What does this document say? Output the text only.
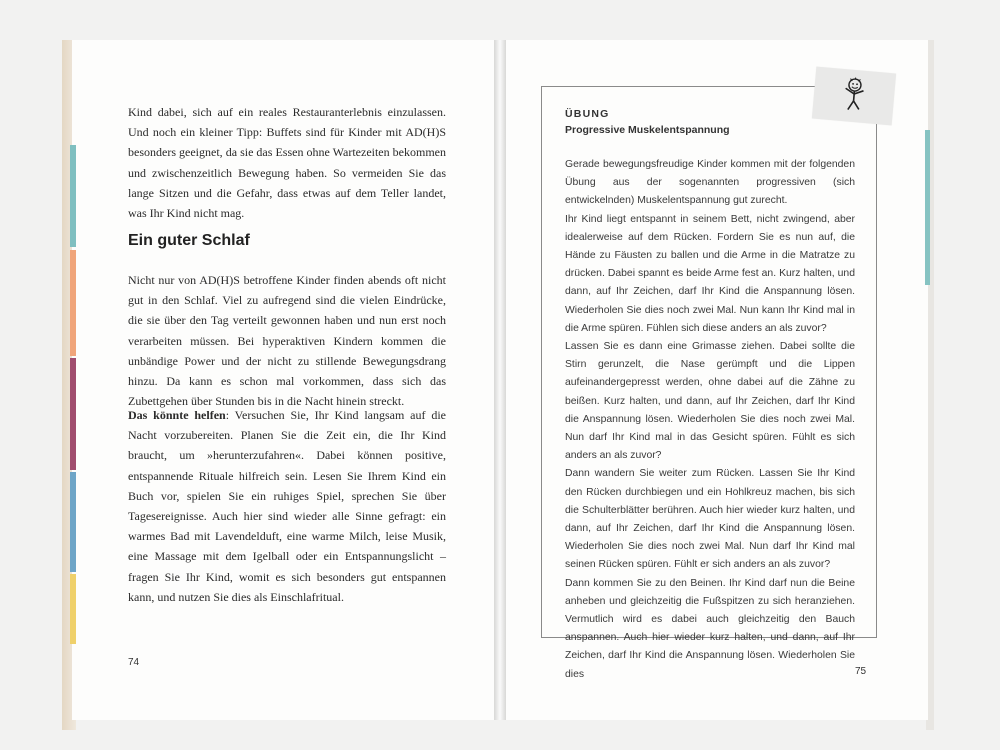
Kind dabei, sich auf ein reales Restauranterlebnis einzulassen. Und noch ein kleiner Tipp: Buffets sind für Kinder mit AD(H)S besonders geeignet, da sie das Essen ohne Wartezeiten bekommen und zwischenzeitlich Bewegung haben. So vermeiden Sie das lange Sitzen und die Gefahr, dass etwas auf dem Teller landet, was Ihr Kind nicht mag.

Ein guter Schlaf

Nicht nur von AD(H)S betroffene Kinder finden abends oft nicht gut in den Schlaf. Viel zu aufregend sind die vielen Eindrücke, die sie über den Tag verteilt gewonnen haben und nun erst noch verarbeiten müssen. Bei hyperaktiven Kindern kommen die unbändige Power und der nicht zu stillende Bewegungsdrang hinzu. Da kann es schon mal vorkommen, dass sich das Zubettgehen über Stunden bis in die Nacht hinein streckt.

Das könnte helfen: Versuchen Sie, Ihr Kind langsam auf die Nacht vorzubereiten. Planen Sie die Zeit ein, die Ihr Kind braucht, um »herunterzufahren«. Dabei können positive, entspannende Rituale hilfreich sein. Lesen Sie Ihrem Kind ein Buch vor, spielen Sie ein ruhiges Spiel, sprechen Sie über Tagesereignisse. Auch hier sind wieder alle Sinne gefragt: ein warmes Bad mit Lavendelduft, eine warme Milch, leise Musik, eine Massage mit dem Igelball oder ein Entspannungslicht – fragen Sie Ihr Kind, womit es sich besonders gut entspannen kann, und nutzen Sie dies als Einschlafritual.

74
ÜBUNG
Progressive Muskelentspannung

Gerade bewegungsfreudige Kinder kommen mit der folgenden Übung aus der sogenannten progressiven (sich entwickelnden) Muskelentspannung gut zurecht.
Ihr Kind liegt entspannt in seinem Bett, nicht zwingend, aber idealerweise auf dem Rücken. Fordern Sie es nun auf, die Hände zu Fäusten zu ballen und die Arme in die Matratze zu drücken. Dabei spannt es beide Arme fest an. Kurz halten, und dann, auf Ihr Zeichen, darf Ihr Kind die Anspannung lösen. Wiederholen Sie dies noch zwei Mal. Nun kann Ihr Kind mal in die Arme spüren. Fühlen sich diese anders an als zuvor?
Lassen Sie es dann eine Grimasse ziehen. Dabei sollte die Stirn gerunzelt, die Nase gerümpft und die Lippen aufeinandergepresst werden, ohne dabei auf die Zähne zu beißen. Kurz halten, und dann, auf Ihr Zeichen, darf Ihr Kind die Anspannung lösen. Wiederholen Sie dies noch zwei Mal. Nun darf Ihr Kind mal in das Gesicht spüren. Fühlt es sich anders an als zuvor?
Dann wandern Sie weiter zum Rücken. Lassen Sie Ihr Kind den Rücken durchbiegen und ein Hohlkreuz machen, bis sich die Schulterblätter berühren. Auch hier wieder kurz halten, und dann, auf Ihr Zeichen, darf Ihr Kind die Anspannung lösen. Wiederholen Sie dies noch zwei Mal. Nun darf Ihr Kind mal seinen Rücken spüren. Fühlt er sich anders an als zuvor?
Dann kommen Sie zu den Beinen. Ihr Kind darf nun die Beine anheben und gleichzeitig die Fußspitzen zu sich heranziehen. Vermutlich wird es dabei auch gleichzeitig den Bauch anspannen. Auch hier wieder kurz halten, und dann, auf Ihr Zeichen, darf Ihr Kind die Anspannung lösen. Wiederholen Sie dies	75
